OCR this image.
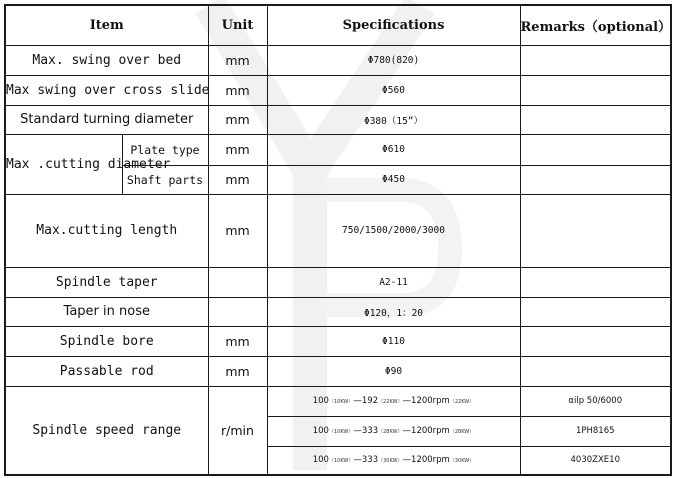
Item		Unit	Specifications	Remarks（optional）
Max. swing over bed		mm	Φ780(820)	
Max swing over cross slide		mm	Φ560	
Standard turning diameter		mm	Φ380（15”）	
Max .cutting diameter	Plate type	mm	Φ610	
	Shaft parts	mm	Φ450	
Max.cutting length		mm	750/1500/2000/3000	
Spindle taper			A2-11	
Taper in nose			Φ120，1：20	
Spindle bore		mm	Φ110	
Passable rod		mm	Φ90	
Spindle speed range		r/min	100（10KW）—192（22KW）—1200rpm（22KW）	αilp 50/6000
			100（10KW）—333（28KW）—1200rpm（28KW）	1PH8165
			100（10KW）—333（30KW）—1200rpm（30KW）	4030ZXE10
